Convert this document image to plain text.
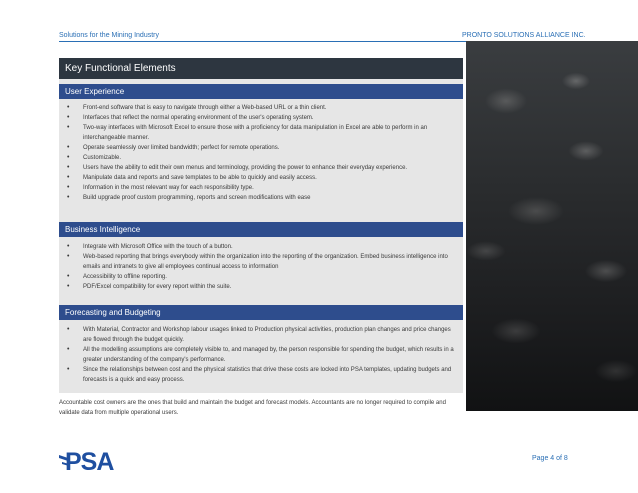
Solutions for the Mining Industry	PRONTO SOLUTIONS ALLIANCE INC.
Key Functional Elements
User Experience
• Front-end software that is easy to navigate through either a Web-based URL or a thin client.
• Interfaces that reflect the normal operating environment of the user's operating system.
• Two-way interfaces with Microsoft Excel to ensure those with a proficiency for data manipulation in Excel are able to perform in an interchangeable manner.
• Operate seamlessly over limited bandwidth; perfect for remote operations.
• Customizable.
• Users have the ability to edit their own menus and terminology, providing the power to enhance their everyday experience.
• Manipulate data and reports and save templates to be able to quickly and easily access.
• Information in the most relevant way for each responsibility type.
• Build upgrade proof custom programming, reports and screen modifications with ease
Business Intelligence
• Integrate with Microsoft Office with the touch of a button.
• Web-based reporting that brings everybody within the organization into the reporting of the organization. Embed business intelligence into emails and intranets to give all employees continual access to information
• Accessibility to offline reporting.
• PDF/Excel compatibility for every report within the suite.
Forecasting and Budgeting
• With Material, Contractor and Workshop labour usages linked to Production physical activities, production plan changes and price changes are flowed through the budget quickly.
• All the modelling assumptions are completely visible to, and managed by, the person responsible for spending the budget, which results in a greater understanding of the company's performance.
• Since the relationships between cost and the physical statistics that drive these costs are locked into PSA templates, updating budgets and forecasts is a quick and easy process.
Accountable cost owners are the ones that build and maintain the budget and forecast models. Accountants are no longer required to compile and validate data from multiple operational users.
PSA	Page 4 of 8
